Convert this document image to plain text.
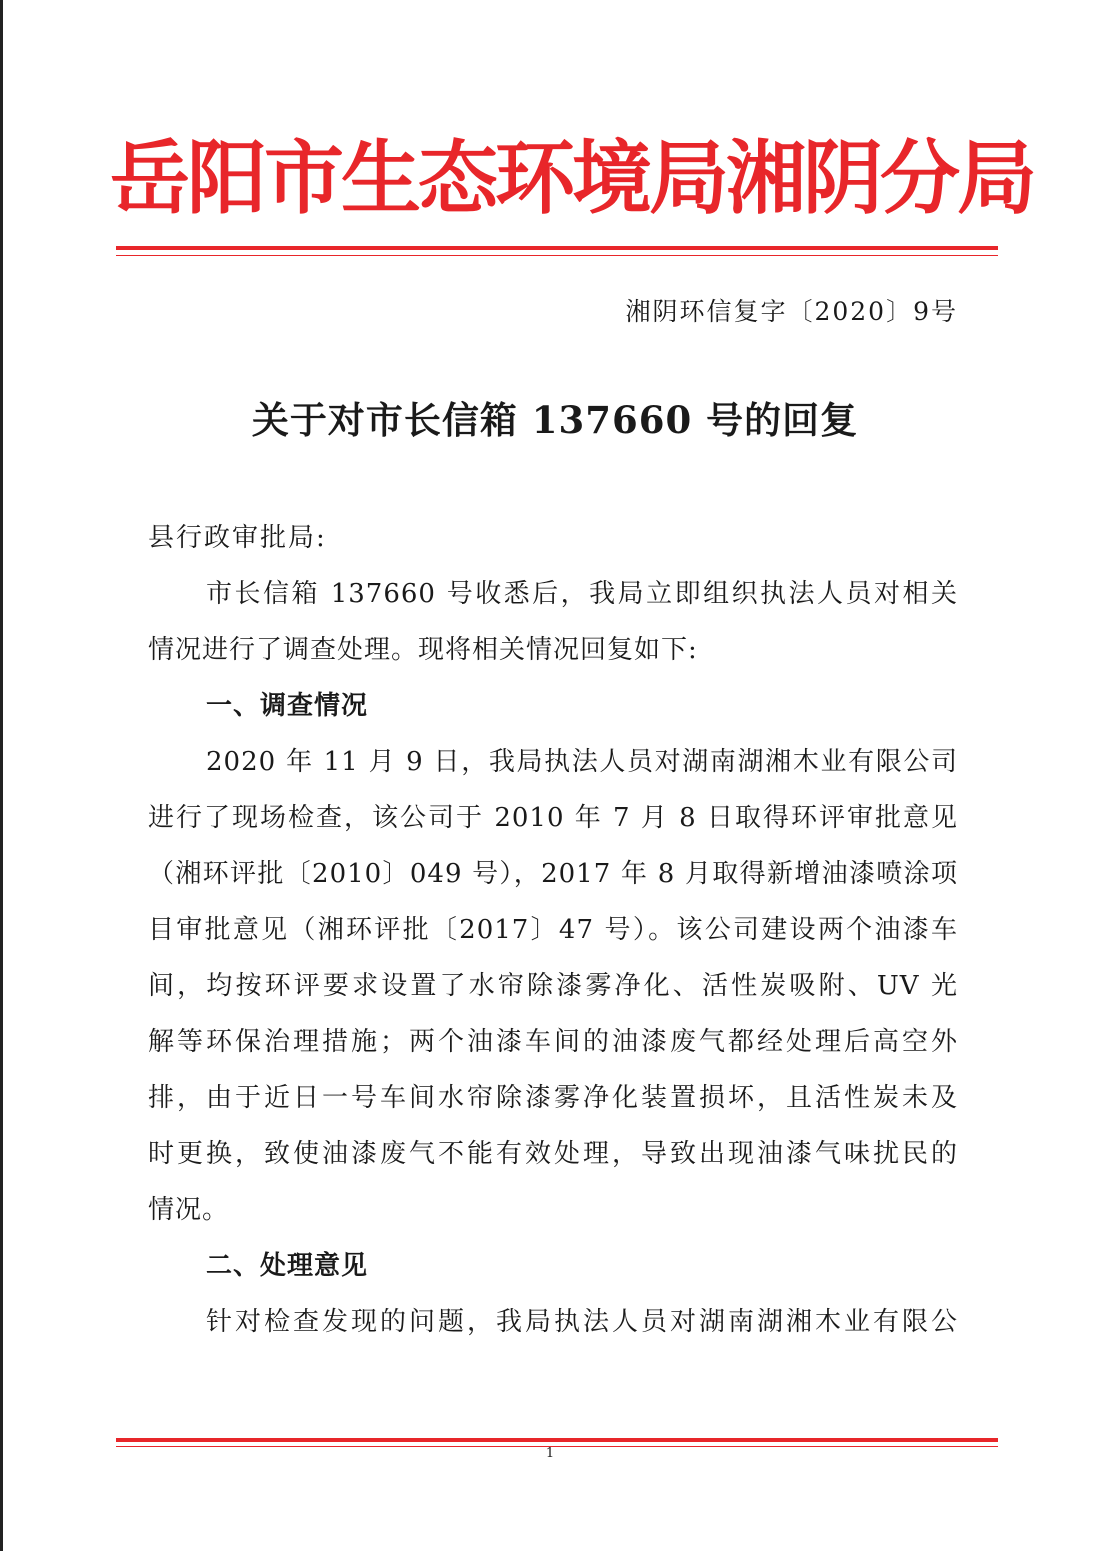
岳阳市生态环境局湘阴分局
湘阴环信复字〔2020〕9号
关于对市长信箱 137660 号的回复
县行政审批局:
市长信箱 137660 号收悉后，我局立即组织执法人员对相关
情况进行了调查处理。现将相关情况回复如下:
一、调查情况
2020 年 11 月 9 日，我局执法人员对湖南湖湘木业有限公司
进行了现场检查，该公司于 2010 年 7 月 8 日取得环评审批意见
（湘环评批〔2010〕049 号），2017 年 8 月取得新增油漆喷涂项
目审批意见（湘环评批〔2017〕47 号）。该公司建设两个油漆车
间，均按环评要求设置了水帘除漆雾净化、活性炭吸附、UV 光
解等环保治理措施；两个油漆车间的油漆废气都经处理后高空外
排，由于近日一号车间水帘除漆雾净化装置损坏，且活性炭未及
时更换，致使油漆废气不能有效处理，导致出现油漆气味扰民的
情况。
二、处理意见
针对检查发现的问题，我局执法人员对湖南湖湘木业有限公
1
